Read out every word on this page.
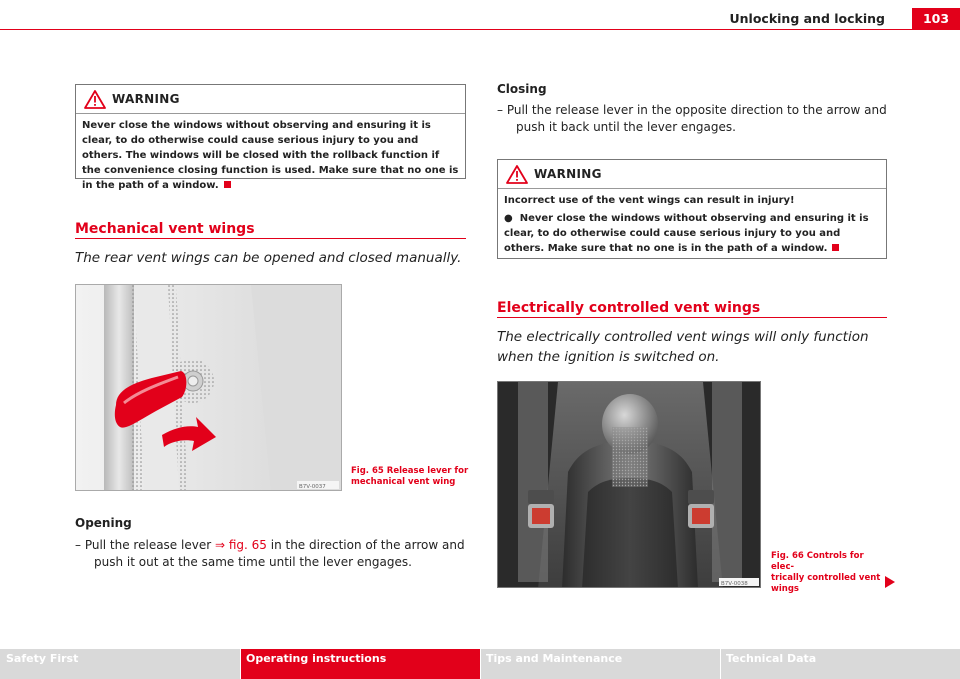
Unlocking and locking	103
WARNING
Never close the windows without observing and ensuring it is clear, to do otherwise could cause serious injury to you and others. The windows will be closed with the rollback function if the convenience closing function is used. Make sure that no one is in the path of a window.
Mechanical vent wings
The rear vent wings can be opened and closed manually.
B7V-0037
Fig. 65 Release lever for
mechanical vent wing
Opening
– Pull the release lever ⇒ fig. 65 in the direction of the arrow and push it out at the same time until the lever engages.
Closing
– Pull the release lever in the opposite direction to the arrow and push it back until the lever engages.
WARNING
Incorrect use of the vent wings can result in injury!
●  Never close the windows without observing and ensuring it is clear, to do otherwise could cause serious injury to you and others. Make sure that no one is in the path of a window.
Electrically controlled vent wings
The electrically controlled vent wings will only function when the ignition is switched on.
B7V-0038
Fig. 66 Controls for elec-
trically controlled vent
wings
Safety First	Operating instructions	Tips and Maintenance	Technical Data
